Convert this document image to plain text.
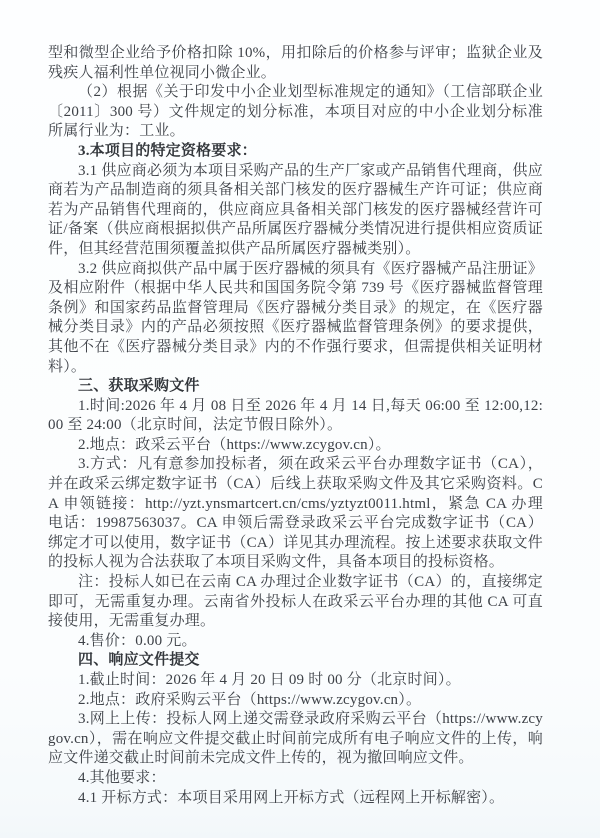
型和微型企业给予价格扣除 10%，用扣除后的价格参与评审；监狱企业及残疾人福利性单位视同小微企业。

（2）根据《关于印发中小企业划型标准规定的通知》（工信部联企业〔2011〕300 号）文件规定的划分标准，本项目对应的中小企业划分标准所属行业为：工业。

3.本项目的特定资格要求：

3.1 供应商必须为本项目采购产品的生产厂家或产品销售代理商，供应商若为产品制造商的须具备相关部门核发的医疗器械生产许可证；供应商若为产品销售代理商的，供应商应具备相关部门核发的医疗器械经营许可证/备案（供应商根据拟供产品所属医疗器械分类情况进行提供相应资质证件，但其经营范围须覆盖拟供产品所属医疗器械类别）。

3.2 供应商拟供产品中属于医疗器械的须具有《医疗器械产品注册证》及相应附件（根据中华人民共和国国务院令第 739 号《医疗器械监督管理条例》和国家药品监督管理局《医疗器械分类目录》的规定，在《医疗器械分类目录》内的产品必须按照《医疗器械监督管理条例》的要求提供，其他不在《医疗器械分类目录》内的不作强行要求，但需提供相关证明材料）。

三、获取采购文件

1.时间:2026 年 4 月 08 日至 2026 年 4 月 14 日,每天 06:00 至 12:00,12:00 至 24:00（北京时间，法定节假日除外）。

2.地点：政采云平台（https://www.zcygov.cn）。

3.方式：凡有意参加投标者，须在政采云平台办理数字证书（CA），并在政采云绑定数字证书（CA）后线上获取采购文件及其它采购资料。CA 申领链接：http://yzt.ynsmartcert.cn/cms/yztyzt0011.html，紧急 CA 办理电话：19987563037。CA 申领后需登录政采云平台完成数字证书（CA）绑定才可以使用，数字证书（CA）详见其办理流程。按上述要求获取文件的投标人视为合法获取了本项目采购文件，具备本项目的投标资格。

注：投标人如已在云南 CA 办理过企业数字证书（CA）的，直接绑定即可，无需重复办理。云南省外投标人在政采云平台办理的其他 CA 可直接使用，无需重复办理。

4.售价：0.00 元。

四、响应文件提交

1.截止时间：2026 年 4 月 20 日 09 时 00 分（北京时间）。

2.地点：政府采购云平台（https://www.zcygov.cn）。

3.网上上传：投标人网上递交需登录政府采购云平台（https://www.zcygov.cn），需在响应文件提交截止时间前完成所有电子响应文件的上传，响应文件递交截止时间前未完成文件上传的，视为撤回响应文件。

4.其他要求：

4.1 开标方式：本项目采用网上开标方式（远程网上开标解密）。
